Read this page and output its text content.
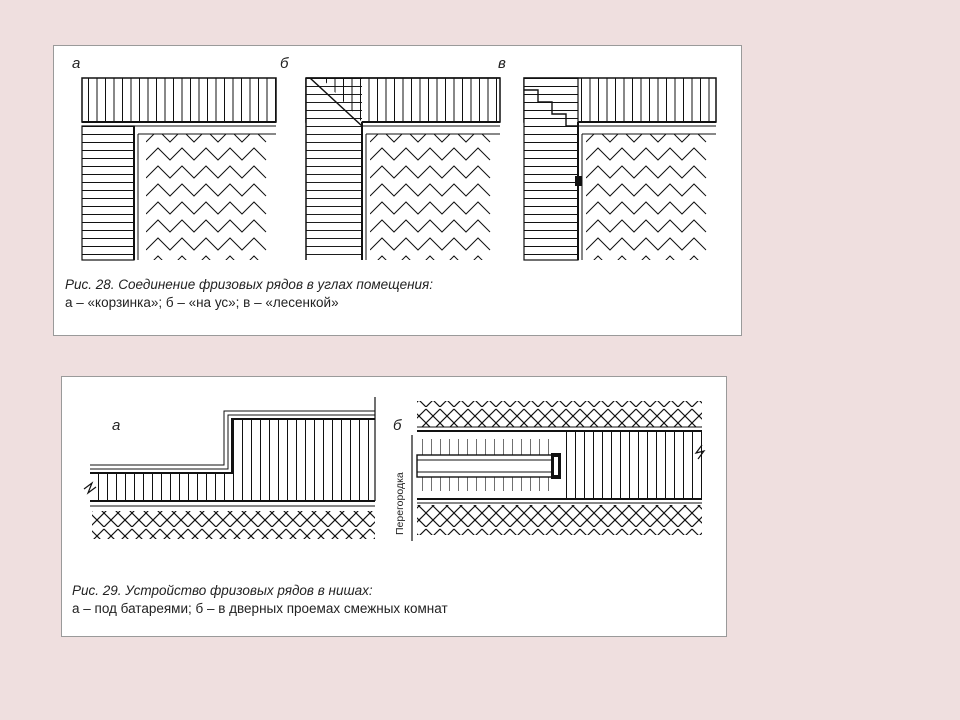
а	б	в
Рис. 28. Соединение фризовых рядов в углах помещения:
а – «корзинка»; б – «на ус»; в – «лесенкой»
а	б
Перегородка
Рис. 29. Устройство фризовых рядов в нишах:
а – под батареями; б – в дверных проемах смежных комнат
